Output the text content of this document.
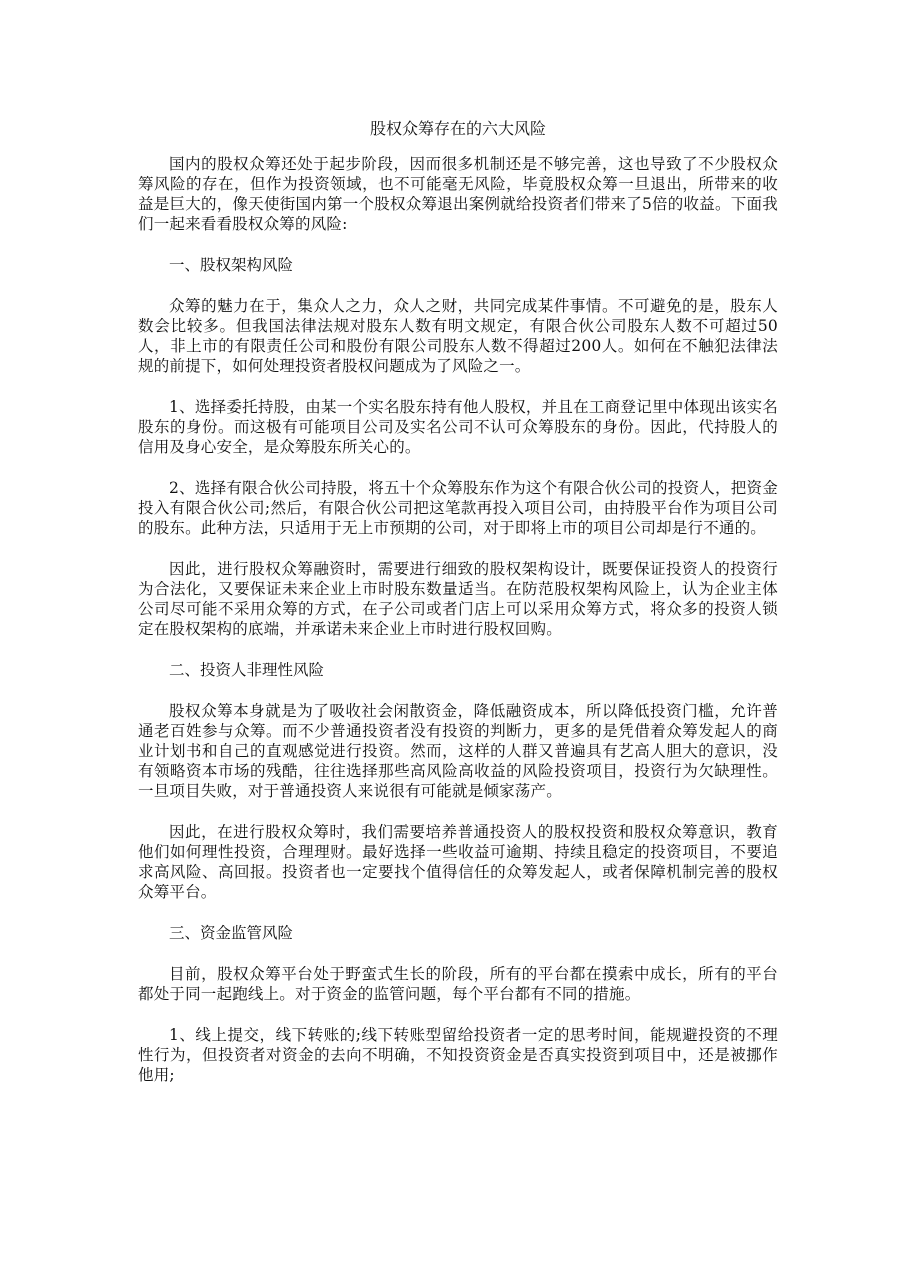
股权众筹存在的六大风险

国内的股权众筹还处于起步阶段，因而很多机制还是不够完善，这也导致了不少股权众筹风险的存在，但作为投资领域，也不可能毫无风险，毕竟股权众筹一旦退出，所带来的收益是巨大的，像天使街国内第一个股权众筹退出案例就给投资者们带来了5倍的收益。下面我们一起来看看股权众筹的风险:

一、股权架构风险

众筹的魅力在于，集众人之力，众人之财，共同完成某件事情。不可避免的是，股东人数会比较多。但我国法律法规对股东人数有明文规定，有限合伙公司股东人数不可超过50人，非上市的有限责任公司和股份有限公司股东人数不得超过200人。如何在不触犯法律法规的前提下，如何处理投资者股权问题成为了风险之一。

1、选择委托持股，由某一个实名股东持有他人股权，并且在工商登记里中体现出该实名股东的身份。而这极有可能项目公司及实名公司不认可众筹股东的身份。因此，代持股人的信用及身心安全，是众筹股东所关心的。

2、选择有限合伙公司持股，将五十个众筹股东作为这个有限合伙公司的投资人，把资金投入有限合伙公司;然后，有限合伙公司把这笔款再投入项目公司，由持股平台作为项目公司的股东。此种方法，只适用于无上市预期的公司，对于即将上市的项目公司却是行不通的。

因此，进行股权众筹融资时，需要进行细致的股权架构设计，既要保证投资人的投资行为合法化，又要保证未来企业上市时股东数量适当。在防范股权架构风险上，认为企业主体公司尽可能不采用众筹的方式，在子公司或者门店上可以采用众筹方式，将众多的投资人锁定在股权架构的底端，并承诺未来企业上市时进行股权回购。

二、投资人非理性风险

股权众筹本身就是为了吸收社会闲散资金，降低融资成本，所以降低投资门槛，允许普通老百姓参与众筹。而不少普通投资者没有投资的判断力，更多的是凭借着众筹发起人的商业计划书和自己的直观感觉进行投资。然而，这样的人群又普遍具有艺高人胆大的意识，没有领略资本市场的残酷，往往选择那些高风险高收益的风险投资项目，投资行为欠缺理性。一旦项目失败，对于普通投资人来说很有可能就是倾家荡产。

因此，在进行股权众筹时，我们需要培养普通投资人的股权投资和股权众筹意识，教育他们如何理性投资，合理理财。最好选择一些收益可逾期、持续且稳定的投资项目，不要追求高风险、高回报。投资者也一定要找个值得信任的众筹发起人，或者保障机制完善的股权众筹平台。

三、资金监管风险

目前，股权众筹平台处于野蛮式生长的阶段，所有的平台都在摸索中成长，所有的平台都处于同一起跑线上。对于资金的监管问题，每个平台都有不同的措施。

1、线上提交，线下转账的;线下转账型留给投资者一定的思考时间，能规避投资的不理性行为，但投资者对资金的去向不明确，不知投资资金是否真实投资到项目中，还是被挪作他用;
